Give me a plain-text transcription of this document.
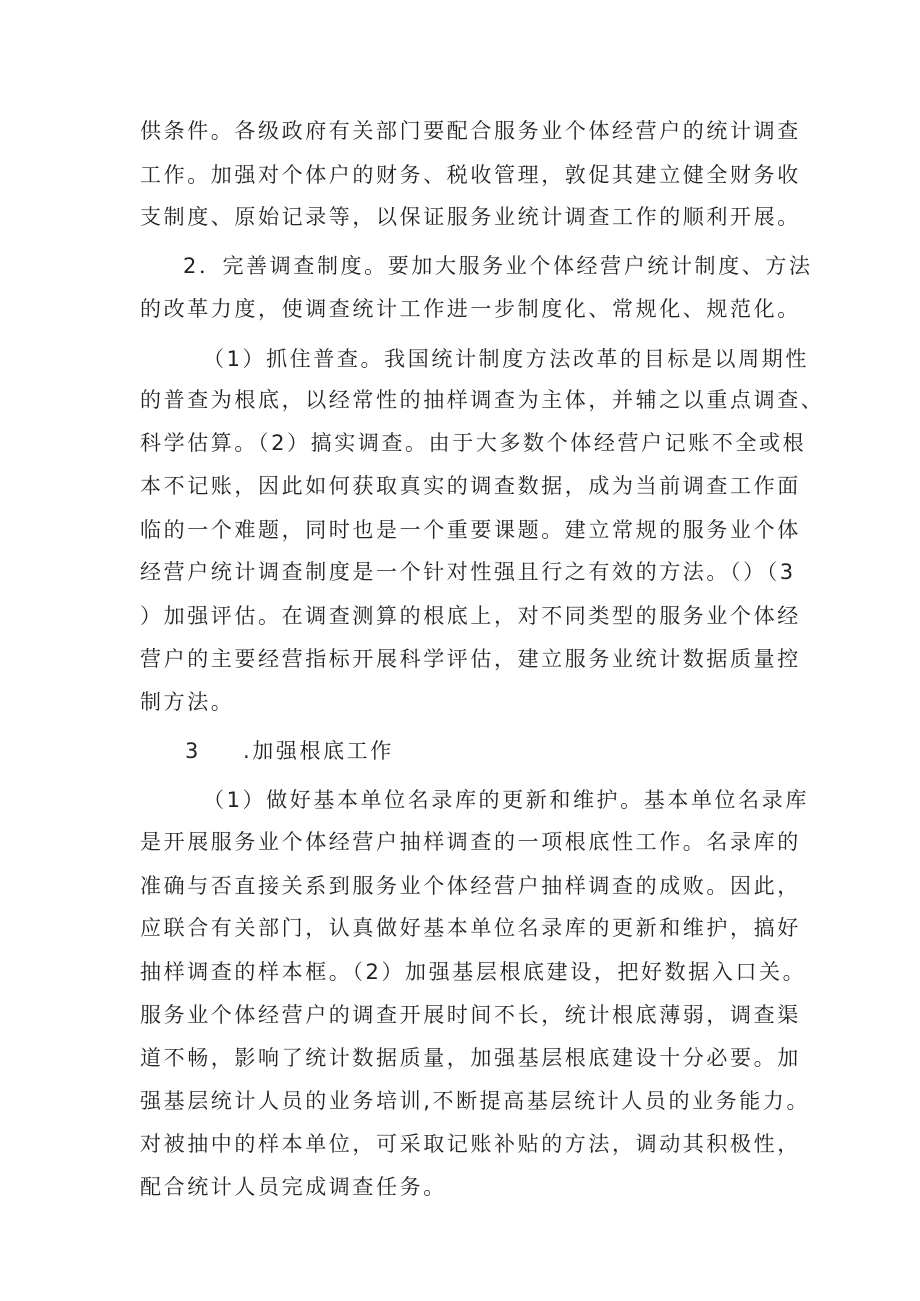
供条件。各级政府有关部门要配合服务业个体经营户的统计调查
工作。加强对个体户的财务、税收管理，敦促其建立健全财务收
支制度、原始记录等，以保证服务业统计调查工作的顺利开展。
2．完善调查制度。要加大服务业个体经营户统计制度、方法
的改革力度，使调查统计工作进一步制度化、常规化、规范化。
（1）抓住普查。我国统计制度方法改革的目标是以周期性
的普查为根底，以经常性的抽样调查为主体，并辅之以重点调查、
科学估算。（2）搞实调查。由于大多数个体经营户记账不全或根
本不记账，因此如何获取真实的调查数据，成为当前调查工作面
临的一个难题，同时也是一个重要课题。建立常规的服务业个体
经营户统计调查制度是一个针对性强且行之有效的方法。（）（3
）加强评估。在调查测算的根底上，对不同类型的服务业个体经
营户的主要经营指标开展科学评估，建立服务业统计数据质量控
制方法。
3 .加强根底工作
（1）做好基本单位名录库的更新和维护。基本单位名录库
是开展服务业个体经营户抽样调查的一项根底性工作。名录库的
准确与否直接关系到服务业个体经营户抽样调查的成败。因此，
应联合有关部门，认真做好基本单位名录库的更新和维护，搞好
抽样调查的样本框。（2）加强基层根底建设，把好数据入口关。
服务业个体经营户的调查开展时间不长，统计根底薄弱，调查渠
道不畅，影响了统计数据质量，加强基层根底建设十分必要。加
强基层统计人员的业务培训,不断提高基层统计人员的业务能力。
对被抽中的样本单位，可采取记账补贴的方法，调动其积极性，
配合统计人员完成调查任务。
